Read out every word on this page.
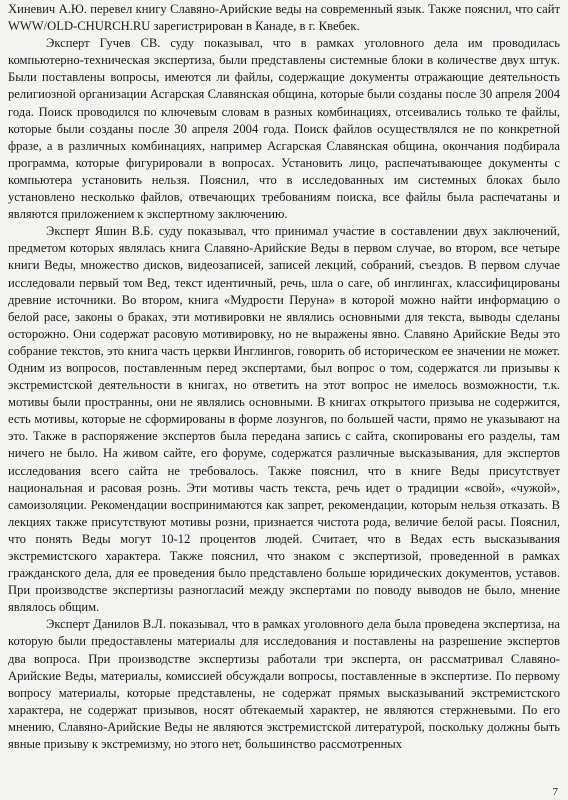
Хиневич А.Ю. перевел книгу Славяно-Арийские веды на современный язык. Также пояснил, что сайт WWW/OLD-CHURCH.RU зарегистрирован в Канаде, в г. Квебек.

Эксперт Гучев СВ. суду показывал, что в рамках уголовного дела им проводилась компьютерно-техническая экспертиза, были представлены системные блоки в количестве двух штук. Были поставлены вопросы, имеются ли файлы, содержащие документы отражающие деятельность религиозной организации Асгарская Славянская община, которые были созданы после 30 апреля 2004 года. Поиск проводился по ключевым словам в разных комбинациях, отсеивались только те файлы, которые были созданы после 30 апреля 2004 года. Поиск файлов осуществлялся не по конкретной фразе, а в различных комбинациях, например Асгарская Славянская община, окончания подбирала программа, которые фигурировали в вопросах. Установить лицо, распечатывающее документы с компьютера установить нельзя. Пояснил, что в исследованных им системных блоках было установлено несколько файлов, отвечающих требованиям поиска, все файлы была распечатаны и являются приложением к экспертному заключению.

Эксперт Яшин В.Б. суду показывал, что принимал участие в составлении двух заключений, предметом которых являлась книга Славяно-Арийские Веды в первом случае, во втором, все четыре книги Веды, множество дисков, видеозаписей, записей лекций, собраний, съездов. В первом случае исследовали первый том Вед, текст идентичный, речь, шла о саге, об инглингах, классифицированы древние источники. Во втором, книга «Мудрости Перуна» в которой можно найти информацию о белой расе, законы о браках, эти мотивировки не являлись основными для текста, выводы сделаны осторожно. Они содержат расовую мотивировку, но не выражены явно. Славяно Арийские Веды это собрание текстов, это книга часть церкви Инглингов, говорить об историческом ее значении не может. Одним из вопросов, поставленным перед экспертами, был вопрос о том, содержатся ли призывы к экстремистской деятельности в книгах, но ответить на этот вопрос не имелось возможности, т.к. мотивы были пространны, они не являлись основными. В книгах открытого призыва не содержится, есть мотивы, которые не сформированы в форме лозунгов, по большей части, прямо не указывают на это. Также в распоряжение экспертов была передана запись с сайта, скопированы его разделы, там ничего не было. На живом сайте, его форуме, содержатся различные высказывания, для экспертов исследования всего сайта не требовалось. Также пояснил, что в книге Веды присутствует национальная и расовая рознь. Эти мотивы часть текста, речь идет о традиции «свой», «чужой», самоизоляции. Рекомендации воспринимаются как запрет, рекомендации, которым нельзя отказать. В лекциях также присутствуют мотивы розни, признается чистота рода, величие белой расы. Пояснил, что понять Веды могут 10-12 процентов людей. Считает, что в Ведах есть высказывания экстремистского характера. Также пояснил, что знаком с экспертизой, проведенной в рамках гражданского дела, для ее проведения было представлено больше юридических документов, уставов. При производстве экспертизы разногласий между экспертами по поводу выводов не было, мнение являлось общим.

Эксперт Данилов В.Л. показывал, что в рамках уголовного дела была проведена экспертиза, на которую были предоставлены материалы для исследования и поставлены на разрешение экспертов два вопроса. При производстве экспертизы работали три эксперта, он рассматривал Славяно-Арийские Веды, материалы, комиссией обсуждали вопросы, поставленные в экспертизе. По первому вопросу материалы, которые представлены, не содержат прямых высказываний экстремистского характера, не содержат призывов, носят обтекаемый характер, не являются стержневыми. По его мнению, Славяно-Арийские Веды не являются экстремистской литературой, поскольку должны быть явные призыву к экстремизму, но этого нет, большинство рассмотренных

7
